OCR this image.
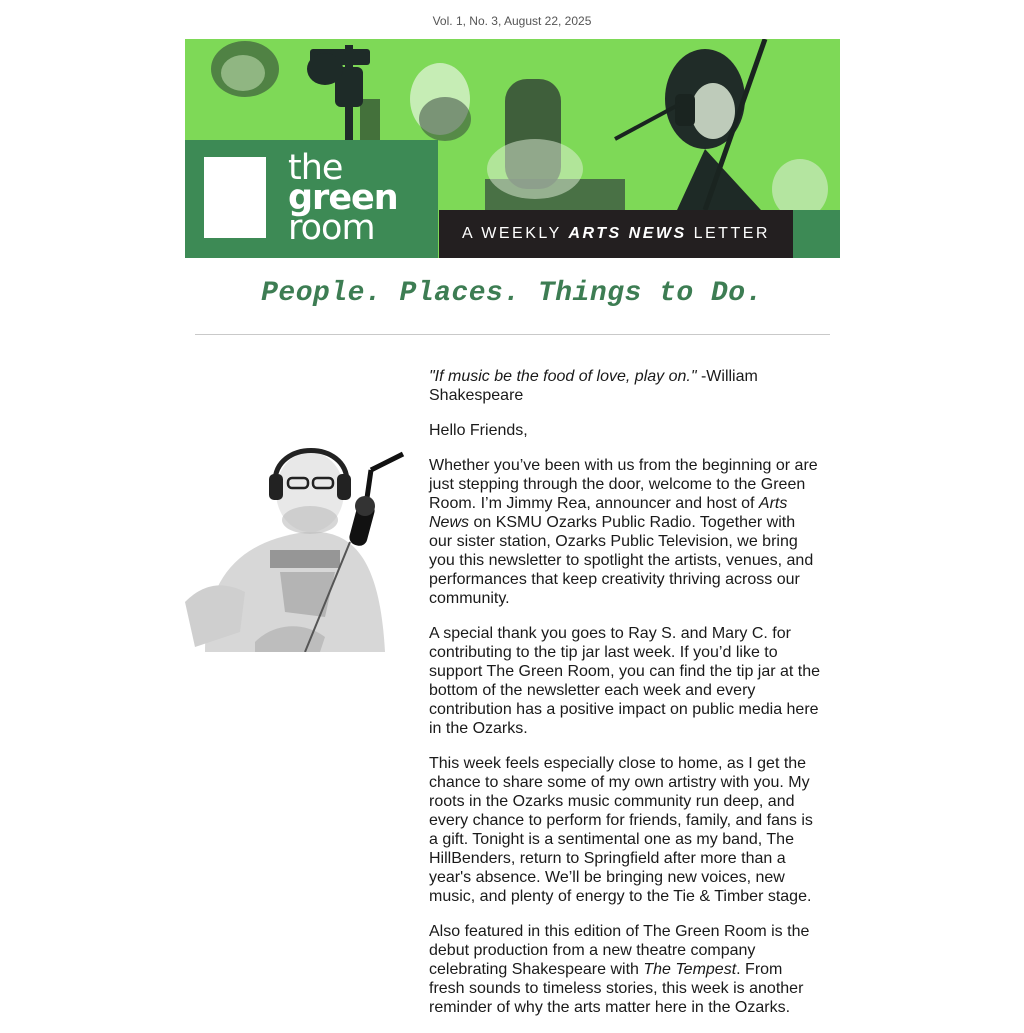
Vol. 1, No. 3, August 22, 2025
the
green
room	A WEEKLY ARTS NEWS LETTER
People. Places. Things to Do.

"If music be the food of love, play on." -William Shakespeare

Hello Friends,

Whether you’ve been with us from the beginning or are just stepping through the door, welcome to the Green Room. I’m Jimmy Rea, announcer and host of Arts News on KSMU Ozarks Public Radio. Together with our sister station, Ozarks Public Television, we bring you this newsletter to spotlight the artists, venues, and performances that keep creativity thriving across our community.

A special thank you goes to Ray S. and Mary C. for contributing to the tip jar last week. If you’d like to support The Green Room, you can find the tip jar at the bottom of the newsletter each week and every contribution has a positive impact on public media here in the Ozarks.

This week feels especially close to home, as I get the chance to share some of my own artistry with you. My roots in the Ozarks music community run deep, and every chance to perform for friends, family, and fans is a gift. Tonight is a sentimental one as my band, The HillBenders, return to Springfield after more than a year's absence. We’ll be bringing new voices, new music, and plenty of energy to the Tie & Timber stage.

Also featured in this edition of The Green Room is the debut production from a new theatre company celebrating Shakespeare with The Tempest. From fresh sounds to timeless stories, this week is another reminder of why the arts matter here in the Ozarks.
